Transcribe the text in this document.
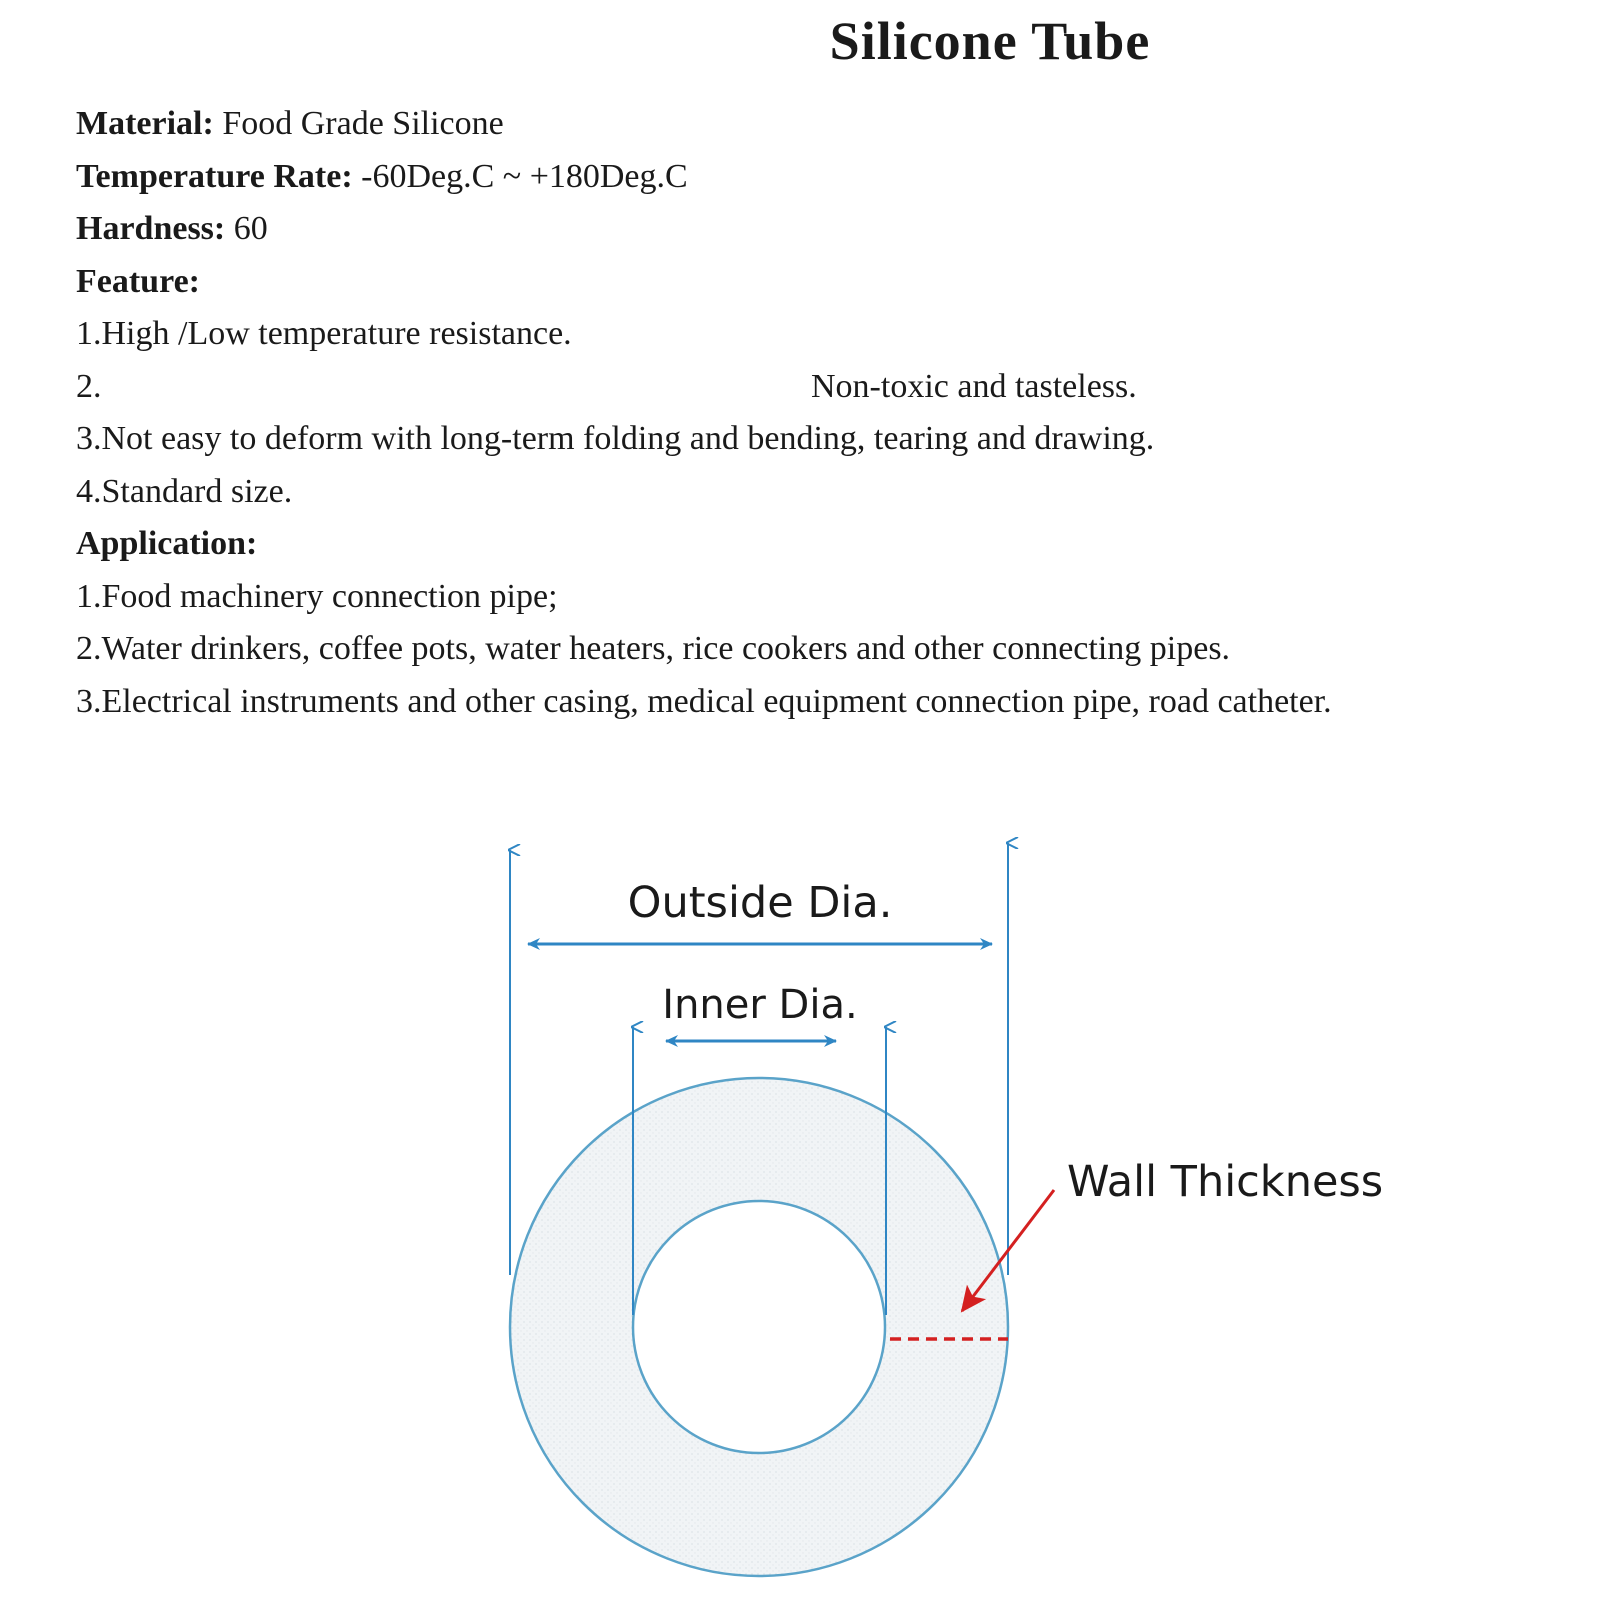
Silicone Tube
Material: Food Grade Silicone
Temperature Rate: -60Deg.C ~ +180Deg.C
Hardness: 60
Feature:
1.High /Low temperature resistance.
2.	Non-toxic and tasteless.
3.Not easy to deform with long-term folding and bending, tearing and drawing.
4.Standard size.
Application:
1.Food machinery connection pipe;
2.Water drinkers, coffee pots, water heaters, rice cookers and other connecting pipes.
3.Electrical instruments and other casing, medical equipment connection pipe, road catheter.
Outside Dia.
Inner Dia.
Wall Thickness
